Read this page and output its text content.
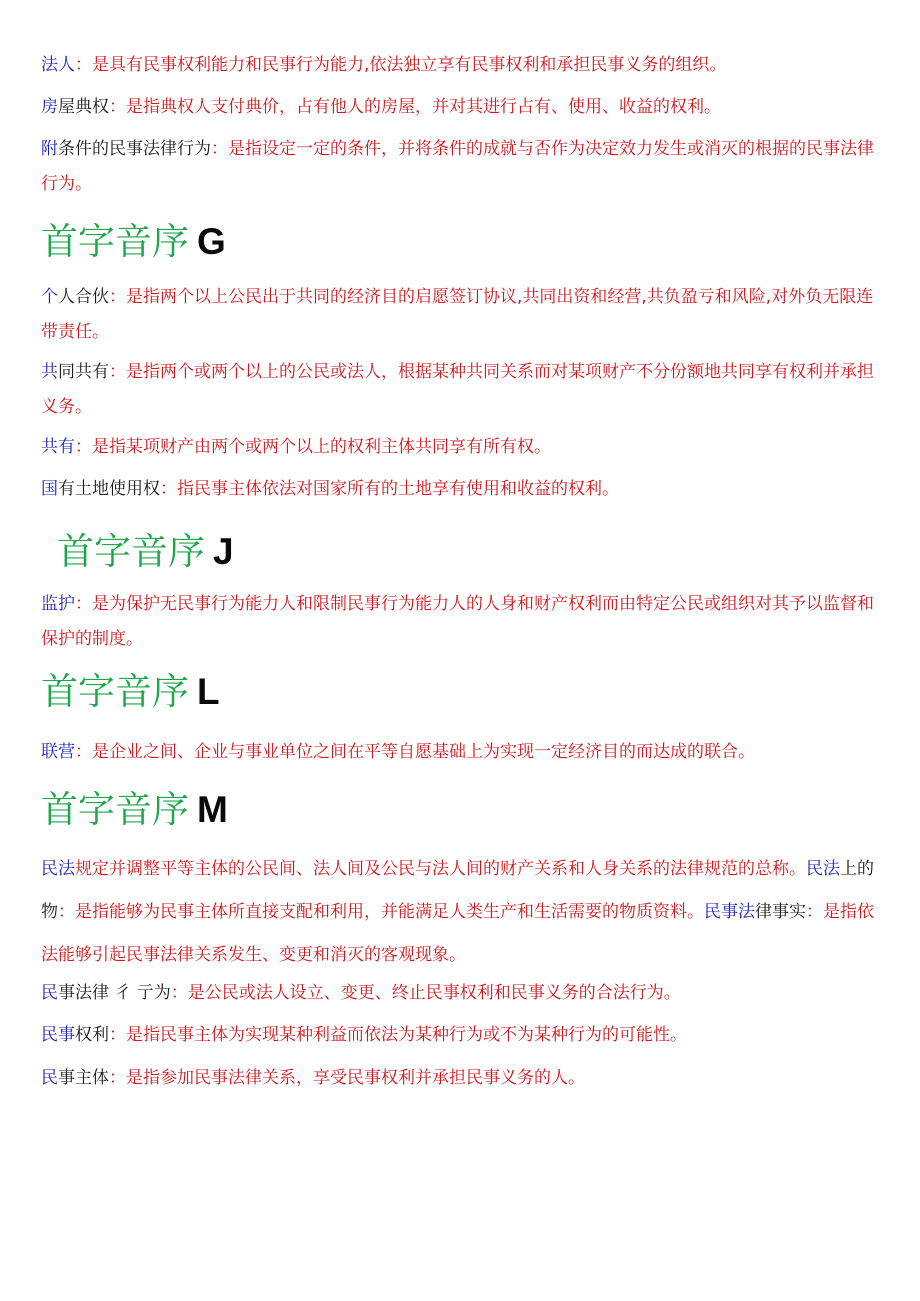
法人：是具有民事权利能力和民事行为能力,依法独立享有民事权利和承担民事义务的组织。
房屋典权：是指典权人支付典价，占有他人的房屋，并对其进行占有、使用、收益的权利。
附条件的民事法律行为：是指设定一定的条件，并将条件的成就与否作为决定效力发生或消灭的根据的民事法律行为。
首字音序 G
个人合伙：是指两个以上公民出于共同的经济目的启愿签订协议,共同出资和经营,共负盈亏和风险,对外负无限连带责任。
共同共有：是指两个或两个以上的公民或法人，根据某种共同关系而对某项财产不分份额地共同享有权利并承担义务。
共有：是指某项财产由两个或两个以上的权利主体共同享有所有权。
国有土地使用权：指民事主体依法对国家所有的土地享有使用和收益的权利。
首字音序 J
监护：是为保护无民事行为能力人和限制民事行为能力人的人身和财产权利而由特定公民或组织对其予以监督和保护的制度。
首字音序 L
联营：是企业之间、企业与事业单位之间在平等自愿基础上为实现一定经济目的而达成的联合。
首字音序 M
民法规定并调整平等主体的公民间、法人间及公民与法人间的财产关系和人身关系的法律规范的总称。民法上的物：是指能够为民事主体所直接支配和利用，并能满足人类生产和生活需要的物质资料。民事法律事实：是指依法能够引起民事法律关系发生、变更和消灭的客观现象。
民事法律 彳 亍为：是公民或法人设立、变更、终止民事权利和民事义务的合法行为。
民事权利：是指民事主体为实现某种利益而依法为某种行为或不为某种行为的可能性。
民事主体：是指参加民事法律关系，享受民事权利并承担民事义务的人。
